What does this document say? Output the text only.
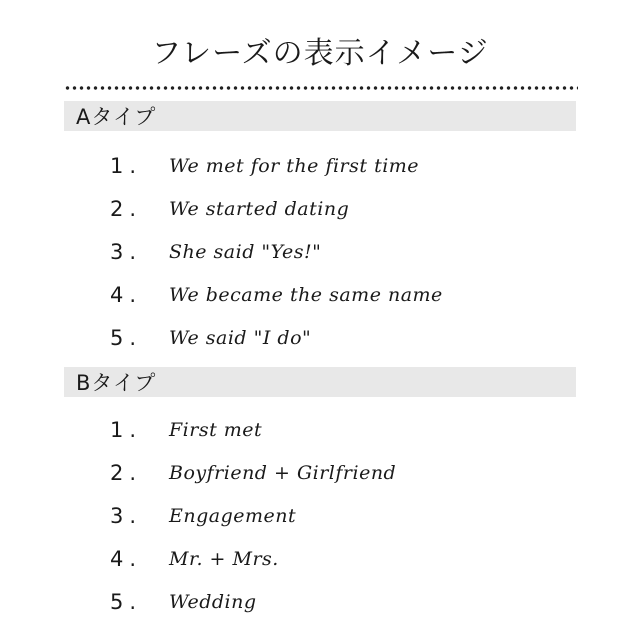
フレーズの表示イメージ
Aタイプ
1.	We met for the first time
2.	We started dating
3.	She said "Yes!"
4.	We became the same name
5.	We said "I do"
Bタイプ
1.	First met
2.	Boyfriend + Girlfriend
3.	Engagement
4.	Mr. + Mrs.
5.	Wedding
